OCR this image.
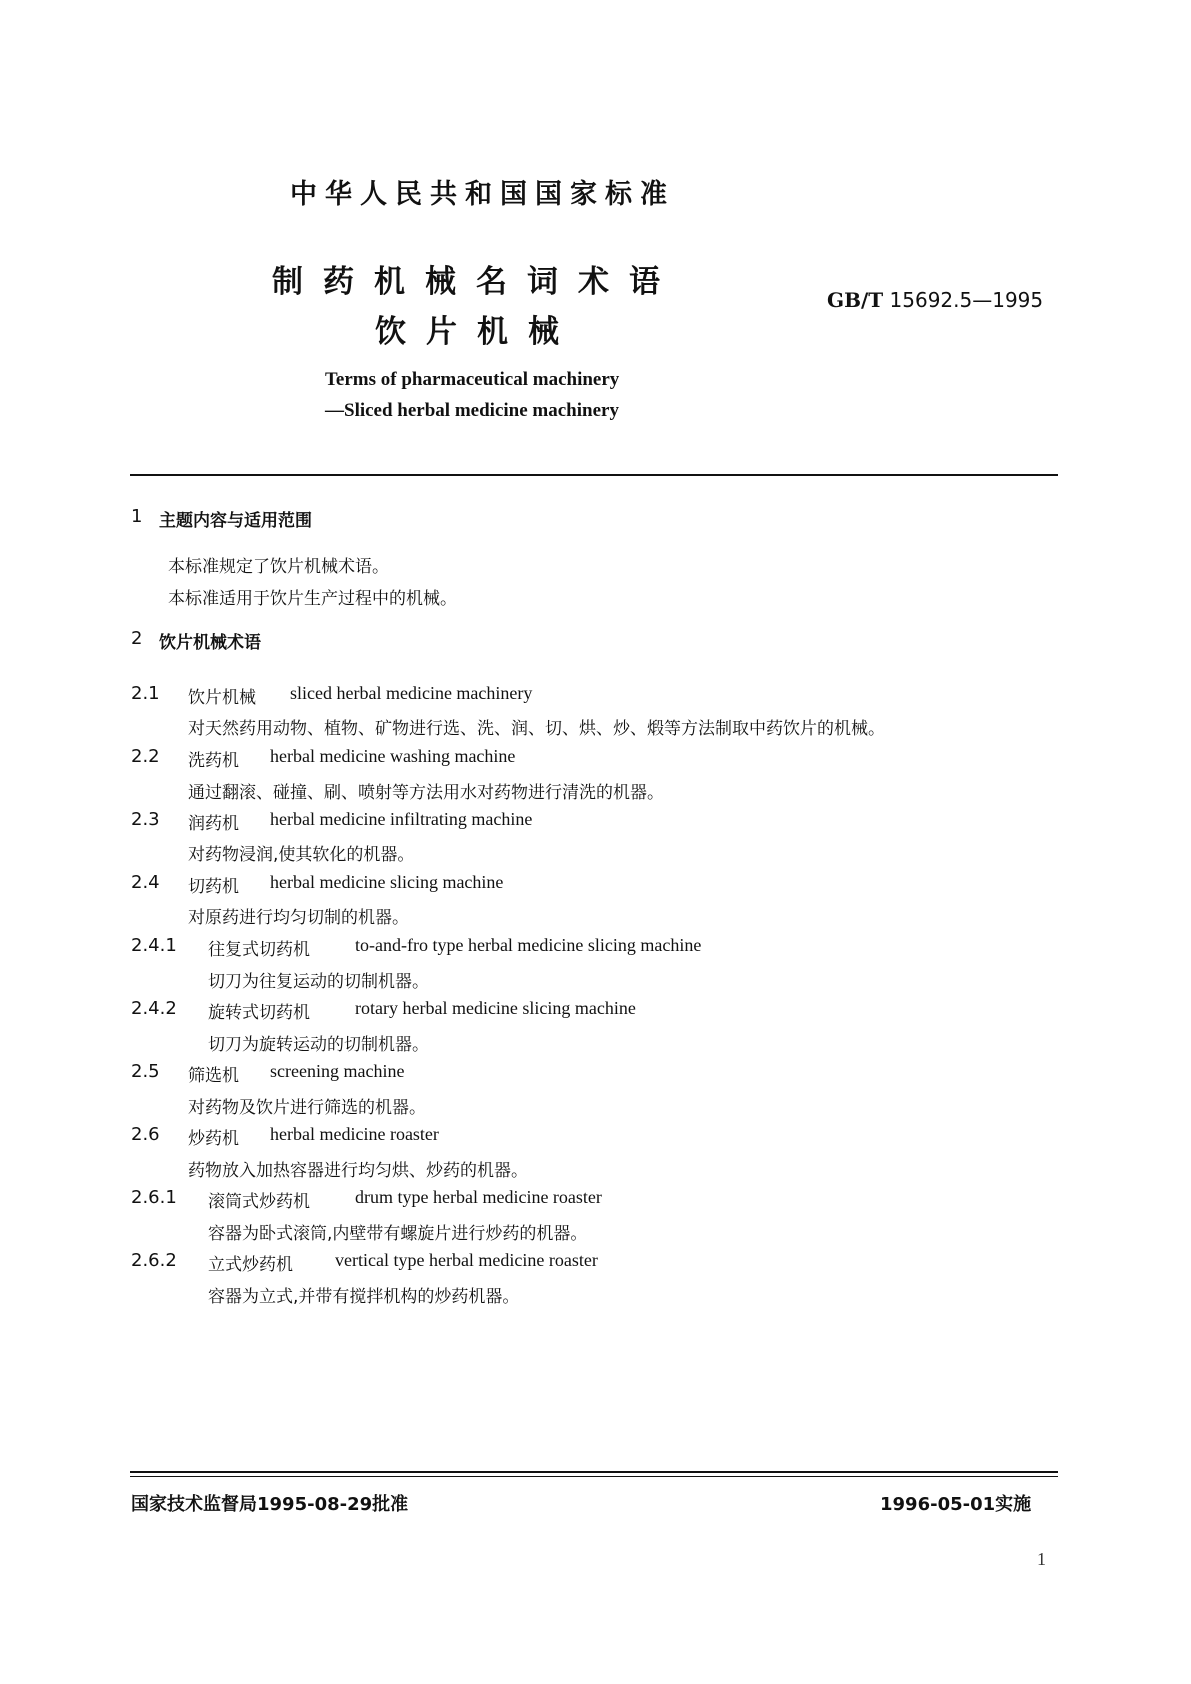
中华人民共和国国家标准
制药机械名词术语
饮片机械
GB/T 15692.5—1995
Terms of pharmaceutical machinery
—Sliced herbal medicine machinery
1 主题内容与适用范围
本标准规定了饮片机械术语。
本标准适用于饮片生产过程中的机械。
2 饮片机械术语
2.1 饮片机械 sliced herbal medicine machinery
对天然药用动物、植物、矿物进行选、洗、润、切、烘、炒、煅等方法制取中药饮片的机械。
2.2 洗药机 herbal medicine washing machine
通过翻滚、碰撞、刷、喷射等方法用水对药物进行清洗的机器。
2.3 润药机 herbal medicine infiltrating machine
对药物浸润,使其软化的机器。
2.4 切药机 herbal medicine slicing machine
对原药进行均匀切制的机器。
2.4.1 往复式切药机	to-and-fro type herbal medicine slicing machine
切刀为往复运动的切制机器。
2.4.2 旋转式切药机	rotary herbal medicine slicing machine
切刀为旋转运动的切制机器。
2.5 筛选机 screening machine
对药物及饮片进行筛选的机器。
2.6 炒药机 herbal medicine roaster
药物放入加热容器进行均匀烘、炒药的机器。
2.6.1 滚筒式炒药机	drum type herbal medicine roaster
容器为卧式滚筒,内壁带有螺旋片进行炒药的机器。
2.6.2 立式炒药机 vertical type herbal medicine roaster
容器为立式,并带有搅拌机构的炒药机器。
国家技术监督局1995-08-29批准	1996-05-01实施
1
